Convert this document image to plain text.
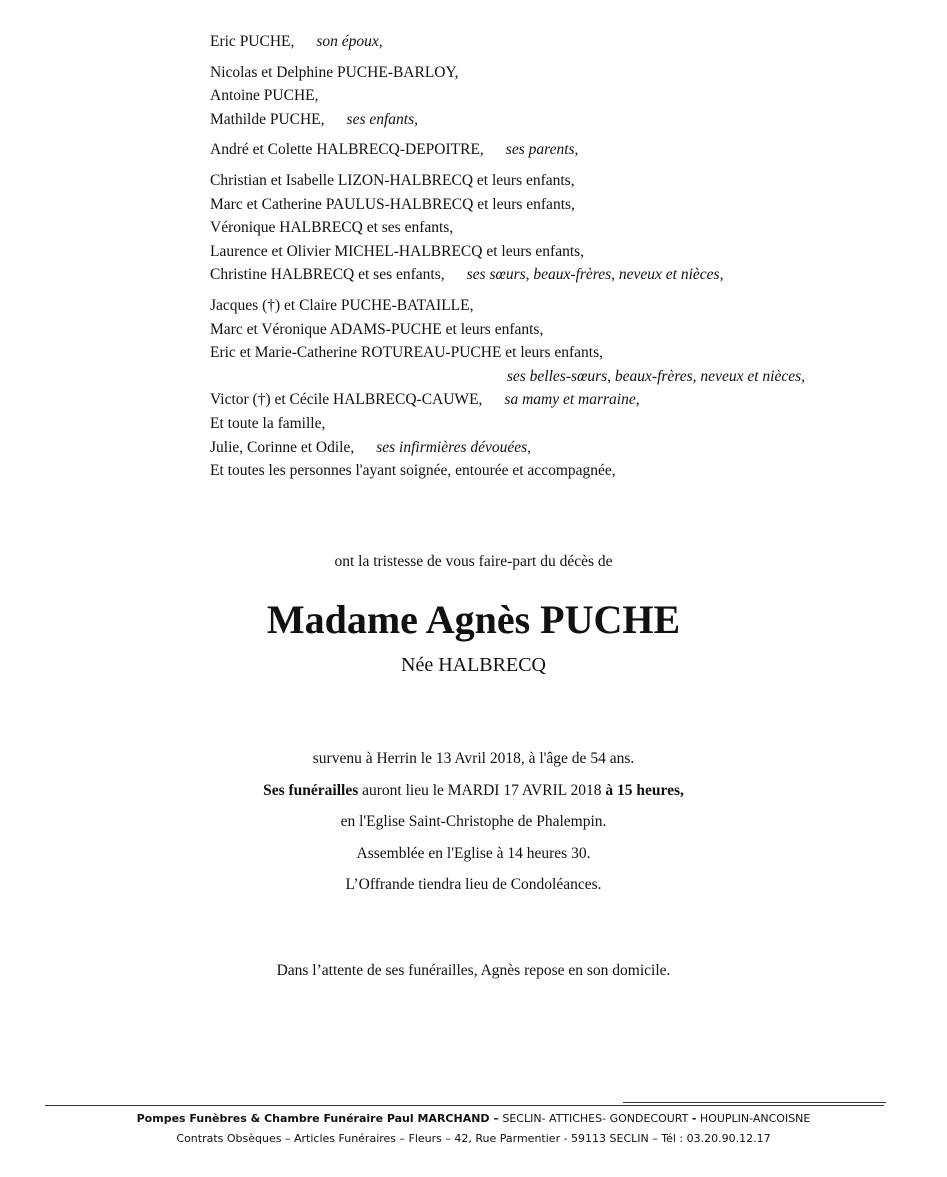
Eric PUCHE, son époux,
Nicolas et Delphine PUCHE-BARLOY,
Antoine PUCHE,
Mathilde PUCHE, ses enfants,
André et Colette HALBRECQ-DEPOITRE, ses parents,
Christian et Isabelle LIZON-HALBRECQ et leurs enfants,
Marc et Catherine PAULUS-HALBRECQ et leurs enfants,
Véronique HALBRECQ et ses enfants,
Laurence et Olivier MICHEL-HALBRECQ et leurs enfants,
Christine HALBRECQ et ses enfants, ses sœurs, beaux-frères, neveux et nièces,
Jacques (†) et Claire PUCHE-BATAILLE,
Marc et Véronique ADAMS-PUCHE et leurs enfants,
Eric et Marie-Catherine ROTUREAU-PUCHE et leurs enfants,
ses belles-sœurs, beaux-frères, neveux et nièces,
Victor (†) et Cécile HALBRECQ-CAUWE, sa mamy et marraine,
Et toute la famille,
Julie, Corinne et Odile, ses infirmières dévouées,
Et toutes les personnes l'ayant soignée, entourée et accompagnée,
ont la tristesse de vous faire-part du décès de
Madame Agnès PUCHE
Née HALBRECQ
survenu à Herrin le 13 Avril 2018, à l'âge de 54 ans.
Ses funérailles auront lieu le MARDI 17 AVRIL 2018 à 15 heures,
en l'Eglise Saint-Christophe de Phalempin.
Assemblée en l'Eglise à 14 heures 30.
L’Offrande tiendra lieu de Condoléances.
Dans l’attente de ses funérailles, Agnès repose en son domicile.
Pompes Funèbres & Chambre Funéraire Paul MARCHAND – SECLIN- ATTICHES- GONDECOURT - HOUPLIN-ANCOISNE
Contrats Obsèques – Articles Funéraires – Fleurs – 42, Rue Parmentier - 59113 SECLIN – Tél : 03.20.90.12.17
